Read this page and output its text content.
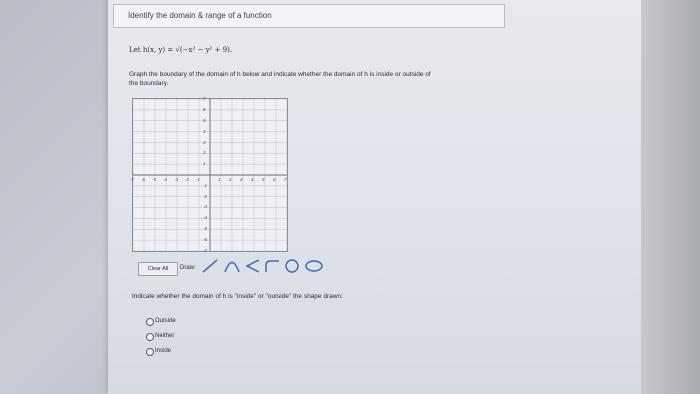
Identify the domain & range of a function
Let h(x, y) = √(−x² − y² + 9).
Graph the boundary of the domain of h below and indicate whether the domain of h is inside or outside of
the boundary.
-7 -6 -5 -4 -3 -2 -1	1 2 3 4 5 6 7
7
6
5
4
3
2
1
-1
-2
-3
-4
-5
-6
-7
Clear All	Draw:
Indicate whether the domain of h is "inside" or "outside" the shape drawn:
Outside
Neither
Inside
